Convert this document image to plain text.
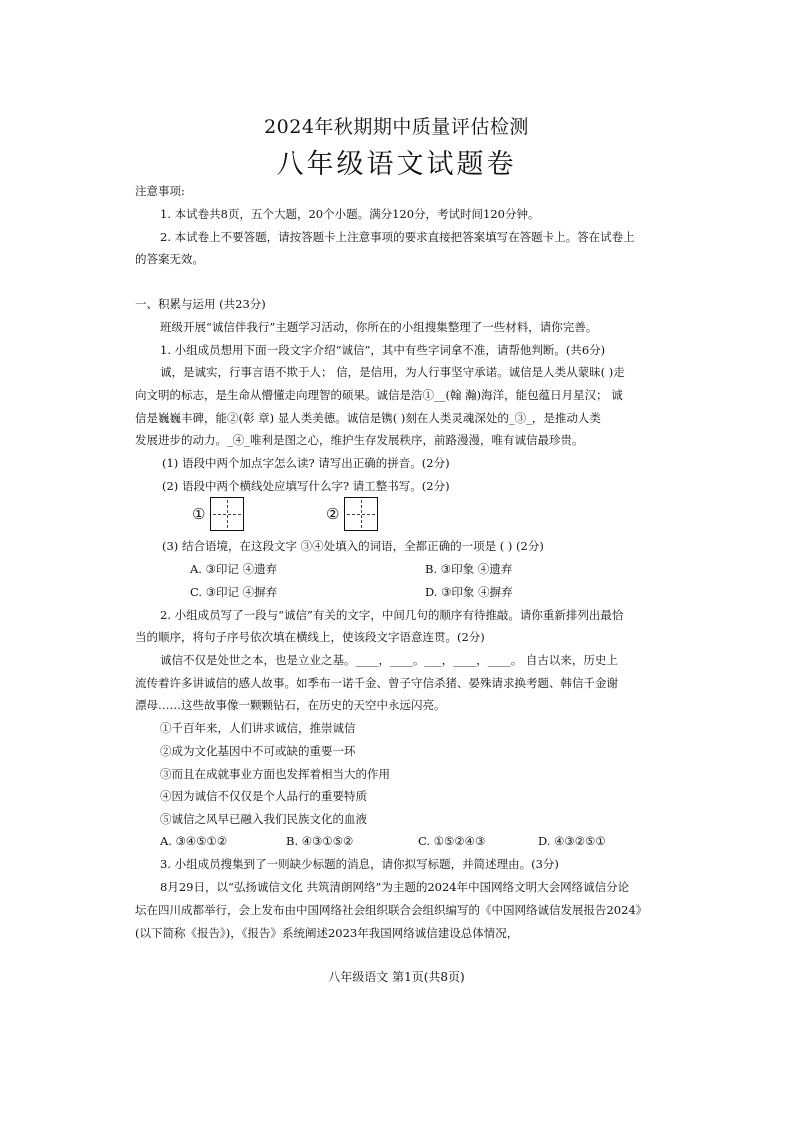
2024年秋期期中质量评估检测
八年级语文试题卷
注意事项:
1. 本试卷共8页，五个大题，20个小题。满分120分，考试时间120分钟。
2. 本试卷上不要答题，请按答题卡上注意事项的要求直接把答案填写在答题卡上。答在试卷上
的答案无效。
一、积累与运用 (共23分)
班级开展“诚信伴我行”主题学习活动，你所在的小组搜集整理了一些材料，请你完善。
1. 小组成员想用下面一段文字介绍“诚信”，其中有些字词拿不准，请帮他判断。(共6分)
诚，是诚实，行事言语不欺于人； 信，是信用，为人行事坚守承诺。诚信是人类从蒙昧( )走
向文明的标志，是生命从懵懂走向理智的硕果。诚信是浩①__(翰 瀚)海洋，能包蕴日月星汉； 诚
信是巍巍丰碑，能②(彰 章) 显人类美德。诚信是镌( )刻在人类灵魂深处的_③_，是推动人类
发展进步的动力。_④_唯利是图之心，维护生存发展秩序，前路漫漫，唯有诚信最珍贵。
(1) 语段中两个加点字怎么读? 请写出正确的拼音。(2分)
(2) 语段中两个横线处应填写什么字? 请工整书写。(2分)
①	②
(3) 结合语境，在这段文字 ③④处填入的词语，全都正确的一项是 ( ) (2分)
A. ③印记 ④遗弃	B. ③印象 ④遗弃
C. ③印记 ④摒弃	D. ③印象 ④摒弃
2. 小组成员写了一段与“诚信”有关的文字，中间几句的顺序有待推敲。请你重新排列出最恰
当的顺序，将句子序号依次填在横线上，使该段文字语意连贯。(2分)
诚信不仅是处世之本，也是立业之基。____，____。___，____，____。 自古以来，历史上
流传着许多讲诚信的感人故事。如季布一诺千金、曾子守信杀猪、晏殊请求换考题、韩信千金谢
漂母……这些故事像一颗颗钻石，在历史的天空中永远闪亮。
①千百年来，人们讲求诚信，推崇诚信
②成为文化基因中不可或缺的重要一环
③而且在成就事业方面也发挥着相当大的作用
④因为诚信不仅仅是个人品行的重要特质
⑤诚信之风早已融入我们民族文化的血液
A. ③④⑤①②	B. ④③①⑤②	C. ①⑤②④③	D. ④③②⑤①
3. 小组成员搜集到了一则缺少标题的消息，请你拟写标题，并简述理由。(3分)
8月29日，以“弘扬诚信文化 共筑清朗网络”为主题的2024年中国网络文明大会网络诚信分论
坛在四川成都举行，会上发布由中国网络社会组织联合会组织编写的《中国网络诚信发展报告2024》
(以下简称《报告》)，《报告》系统阐述2023年我国网络诚信建设总体情况，
八年级语文 第1页(共8页)
